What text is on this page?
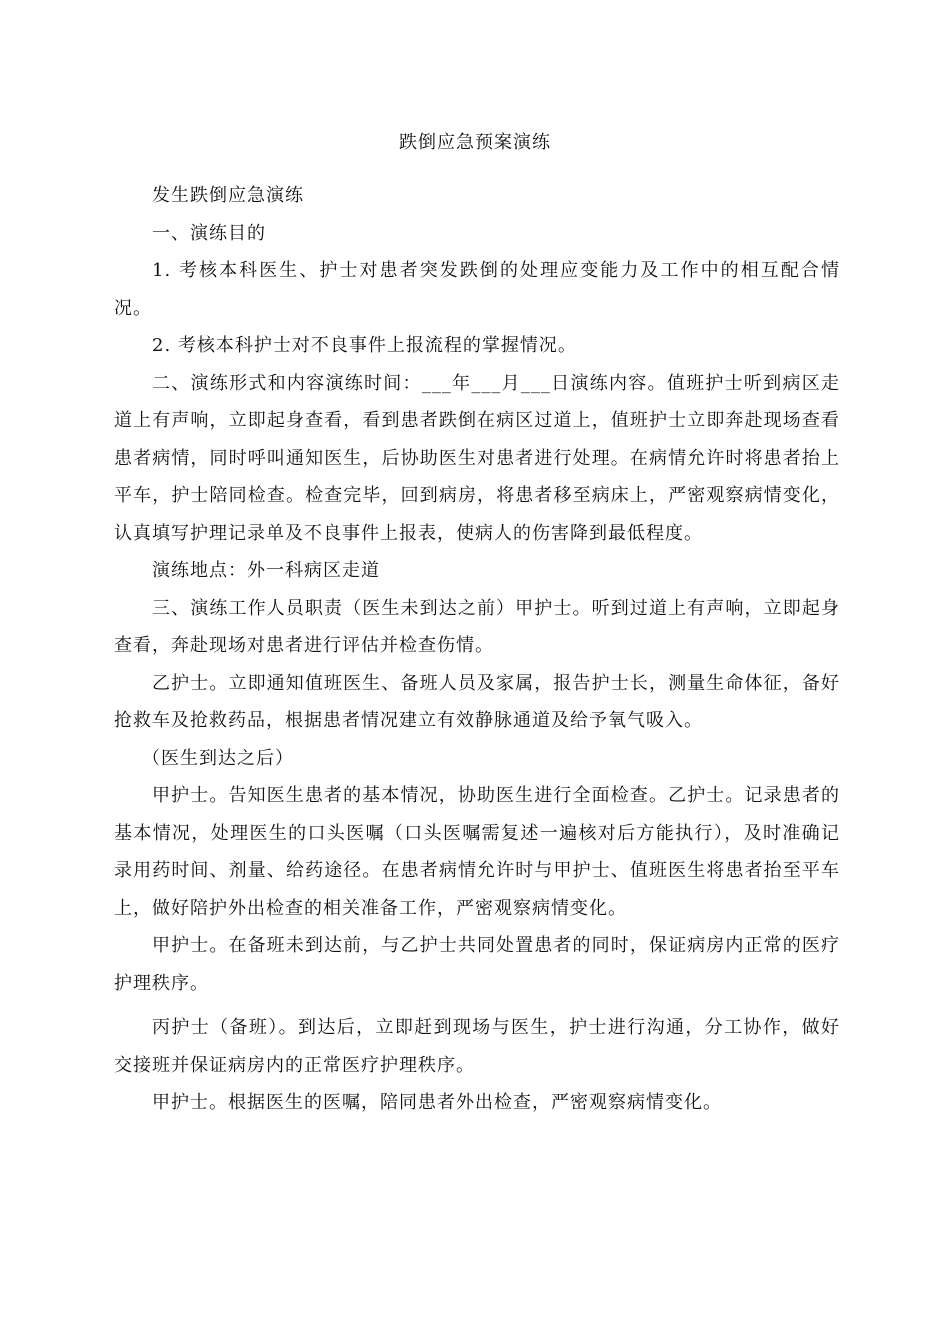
跌倒应急预案演练

发生跌倒应急演练

一、演练目的

1. 考核本科医生、护士对患者突发跌倒的处理应变能力及工作中的相互配合情况。

2. 考核本科护士对不良事件上报流程的掌握情况。

二、演练形式和内容演练时间：___年___月___日演练内容。值班护士听到病区走道上有声响，立即起身查看，看到患者跌倒在病区过道上，值班护士立即奔赴现场查看患者病情，同时呼叫通知医生，后协助医生对患者进行处理。在病情允许时将患者抬上平车，护士陪同检查。检查完毕，回到病房，将患者移至病床上，严密观察病情变化，认真填写护理记录单及不良事件上报表，使病人的伤害降到最低程度。

演练地点：外一科病区走道

三、演练工作人员职责（医生未到达之前）甲护士。听到过道上有声响，立即起身查看，奔赴现场对患者进行评估并检查伤情。

乙护士。立即通知值班医生、备班人员及家属，报告护士长，测量生命体征，备好抢救车及抢救药品，根据患者情况建立有效静脉通道及给予氧气吸入。

（医生到达之后）

甲护士。告知医生患者的基本情况，协助医生进行全面检查。乙护士。记录患者的基本情况，处理医生的口头医嘱（口头医嘱需复述一遍核对后方能执行），及时准确记录用药时间、剂量、给药途径。在患者病情允许时与甲护士、值班医生将患者抬至平车上，做好陪护外出检查的相关准备工作，严密观察病情变化。

甲护士。在备班未到达前，与乙护士共同处置患者的同时，保证病房内正常的医疗护理秩序。

丙护士（备班）。到达后，立即赶到现场与医生，护士进行沟通，分工协作，做好交接班并保证病房内的正常医疗护理秩序。

甲护士。根据医生的医嘱，陪同患者外出检查，严密观察病情变化。
